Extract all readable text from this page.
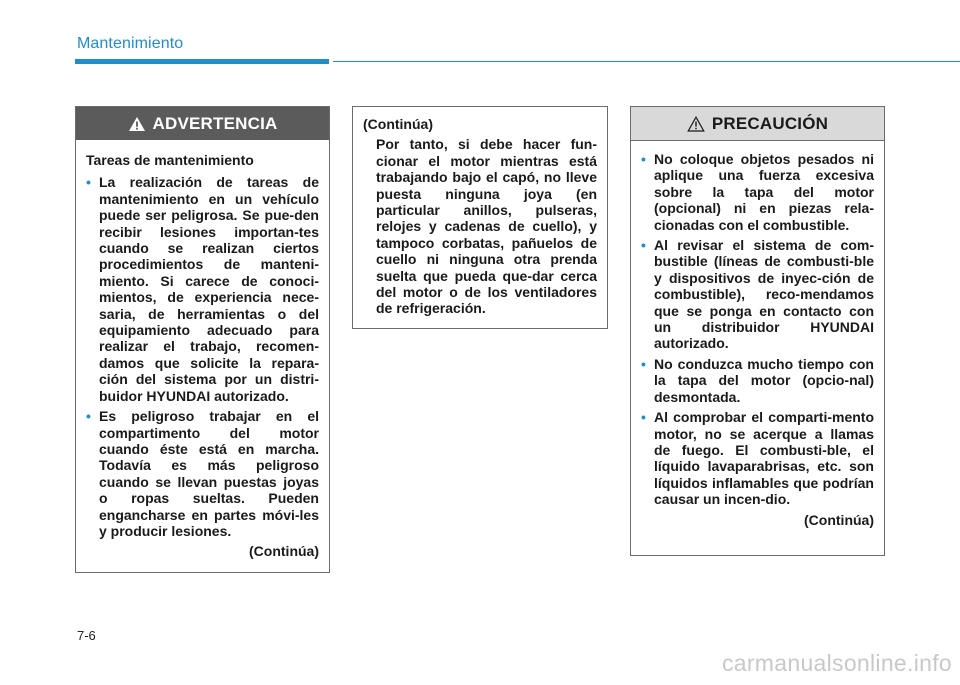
Mantenimiento
ADVERTENCIA
Tareas de mantenimiento
• La realización de tareas de mantenimiento en un vehículo puede ser peligrosa. Se pue-den recibir lesiones importan-tes cuando se realizan ciertos procedimientos de manteni-miento. Si carece de conoci-mientos, de experiencia nece-saria, de herramientas o del equipamiento adecuado para realizar el trabajo, recomen-damos que solicite la repara-ción del sistema por un distri-buidor HYUNDAI autorizado.
• Es peligroso trabajar en el compartimento del motor cuando éste está en marcha. Todavía es más peligroso cuando se llevan puestas joyas o ropas sueltas. Pueden engancharse en partes móvi-les y producir lesiones.
(Continúa)
(Continúa)
Por tanto, si debe hacer fun-cionar el motor mientras está trabajando bajo el capó, no lleve puesta ninguna joya (en particular anillos, pulseras, relojes y cadenas de cuello), y tampoco corbatas, pañuelos de cuello ni ninguna otra prenda suelta que pueda que-dar cerca del motor o de los ventiladores de refrigeración.
PRECAUCIÓN
• No coloque objetos pesados ni aplique una fuerza excesiva sobre la tapa del motor (opcional) ni en piezas rela-cionadas con el combustible.
• Al revisar el sistema de com-bustible (líneas de combusti-ble y dispositivos de inyec-ción de combustible), reco-mendamos que se ponga en contacto con un distribuidor HYUNDAI autorizado.
• No conduzca mucho tiempo con la tapa del motor (opcio-nal) desmontada.
• Al comprobar el comparti-mento motor, no se acerque a llamas de fuego. El combusti-ble, el líquido lavaparabrisas, etc. son líquidos inflamables que podrían causar un incen-dio.
(Continúa)
7-6
carmanualsonline.info
